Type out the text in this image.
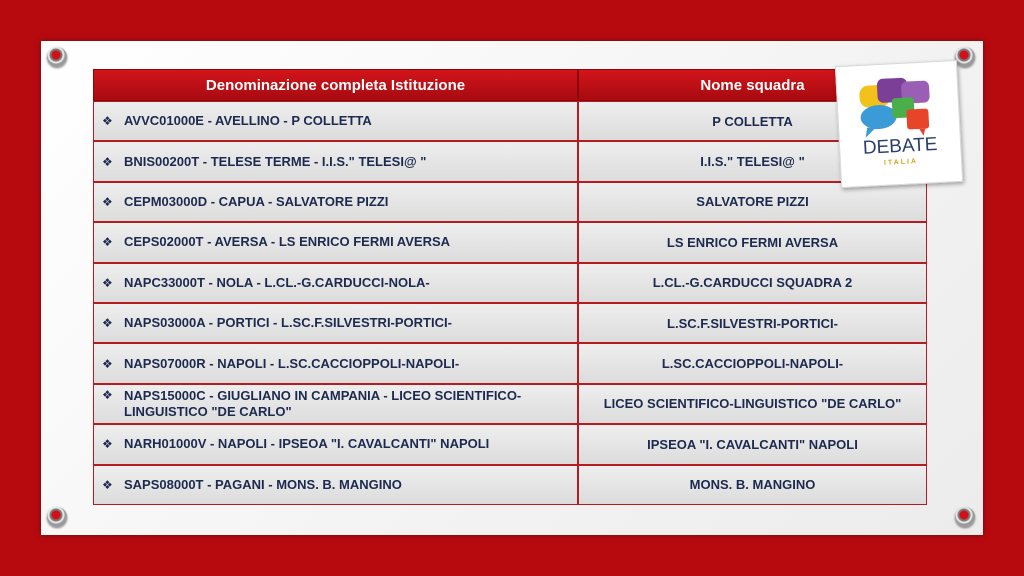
Denominazione completa Istituzione	Nome squadra
❖ AVVC01000E - AVELLINO - P COLLETTA	P COLLETTA
❖ BNIS00200T - TELESE TERME - I.I.S." TELESI@ "	I.I.S." TELESI@ "
❖ CEPM03000D - CAPUA - SALVATORE PIZZI	SALVATORE PIZZI
❖ CEPS02000T - AVERSA - LS ENRICO FERMI AVERSA	LS ENRICO FERMI AVERSA
❖ NAPC33000T - NOLA - L.CL.-G.CARDUCCI-NOLA-	L.CL.-G.CARDUCCI SQUADRA 2
❖ NAPS03000A - PORTICI - L.SC.F.SILVESTRI-PORTICI-	L.SC.F.SILVESTRI-PORTICI-
❖ NAPS07000R - NAPOLI - L.SC.CACCIOPPOLI-NAPOLI-	L.SC.CACCIOPPOLI-NAPOLI-
❖ NAPS15000C - GIUGLIANO IN CAMPANIA - LICEO SCIENTIFICO-LINGUISTICO "DE CARLO"	LICEO SCIENTIFICO-LINGUISTICO "DE CARLO"
❖ NARH01000V - NAPOLI - IPSEOA "I. CAVALCANTI" NAPOLI	IPSEOA "I. CAVALCANTI" NAPOLI
❖ SAPS08000T - PAGANI - MONS. B. MANGINO	MONS. B. MANGINO
DEBATE
ITALIA
